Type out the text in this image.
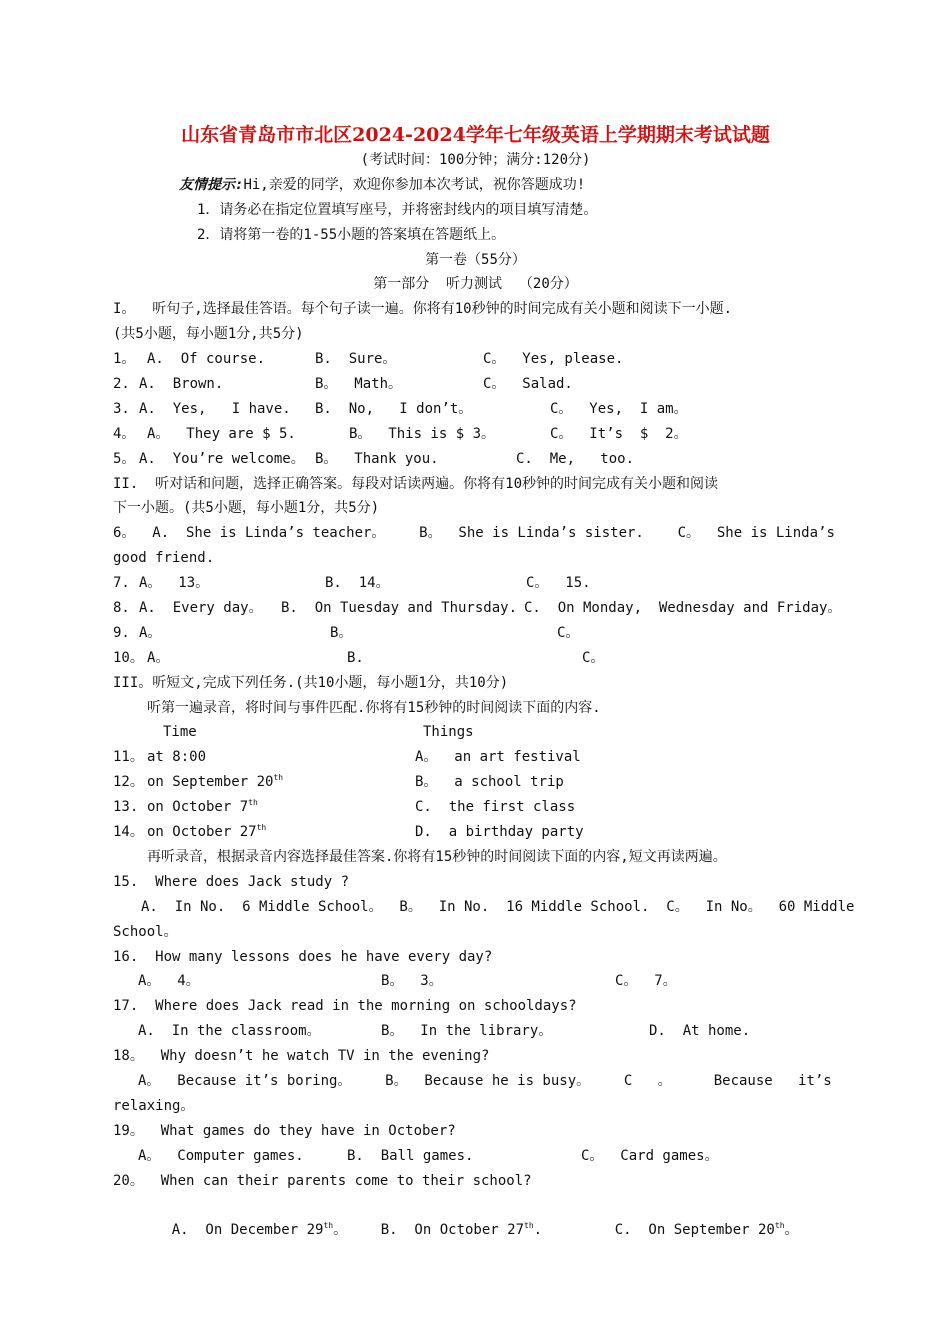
山东省青岛市市北区2024-2024学年七年级英语上学期期末考试试题
(考试时间：100分钟；满分:120分)
友情提示:Hi,亲爱的同学，欢迎你参加本次考试，祝你答题成功!
1．请务必在指定位置填写座号，并将密封线内的项目填写清楚。
2．请将第一卷的1-55小题的答案填在答题纸上。
第一卷（55分）
第一部分  听力测试  （20分）
I。  听句子,选择最佳答语。每个句子读一遍。你将有10秒钟的时间完成有关小题和阅读下一小题.
(共5小题，每小题1分,共5分)
1。 A.  Of course.	B.  Sure。	C。  Yes, please.
2. A.  Brown.	B。  Math。	C。  Salad.
3. A.  Yes,   I have. B.  No,   I don’t。	C。  Yes,  I am。
4。 A。  They are $ 5.	B。  This is $ 3。	C。  It’s  $  2。
5。 A.  You’re welcome。 B。  Thank you.	C.  Me,   too.
II.  听对话和问题，选择正确答案。每段对话读两遍。你将有10秒钟的时间完成有关小题和阅读
下一小题。(共5小题，每小题1分，共5分)
6。  A.  She is Linda’s teacher。    B。  She is Linda’s sister.    C。  She is Linda’s
good friend.
7. A。  13。	B.  14。	C。  15.
8. A.  Every day。 B.  On Tuesday and Thursday. C.  On Monday,  Wednesday and Friday。
9. A。	B。	C。
10。 A。	B.	C。
III。听短文,完成下列任务.(共10小题，每小题1分，共10分)
听第一遍录音，将时间与事件匹配.你将有15秒钟的时间阅读下面的内容.
Time	Things
11。 at 8:00	A。  an art festival
12。 on September 20th	B。  a school trip
13. on October 7th	C.  the first class
14。 on October 27th	D.  a birthday party
再听录音，根据录音内容选择最佳答案.你将有15秒钟的时间阅读下面的内容,短文再读两遍。
15.  Where does Jack study ?
A.  In No.  6 Middle School。  B。  In No.  16 Middle School.  C。  In No。  60 Middle
School。
16.  How many lessons does he have every day?
A。  4。	B。  3。	C。  7。
17.  Where does Jack read in the morning on schooldays?
A.  In the classroom。	B。  In the library。	D.  At home.
18。  Why doesn’t he watch TV in the evening?
A。  Because it’s boring。    B。  Because he is busy。    C   。     Because   it’s
relaxing。
19。  What games do they have in October?
A。  Computer games.	B.  Ball games.	C。  Card games。
20。  When can their parents come to their school?

A.  On December 29th。 B.  On October 27th.	C.  On September 20th。
